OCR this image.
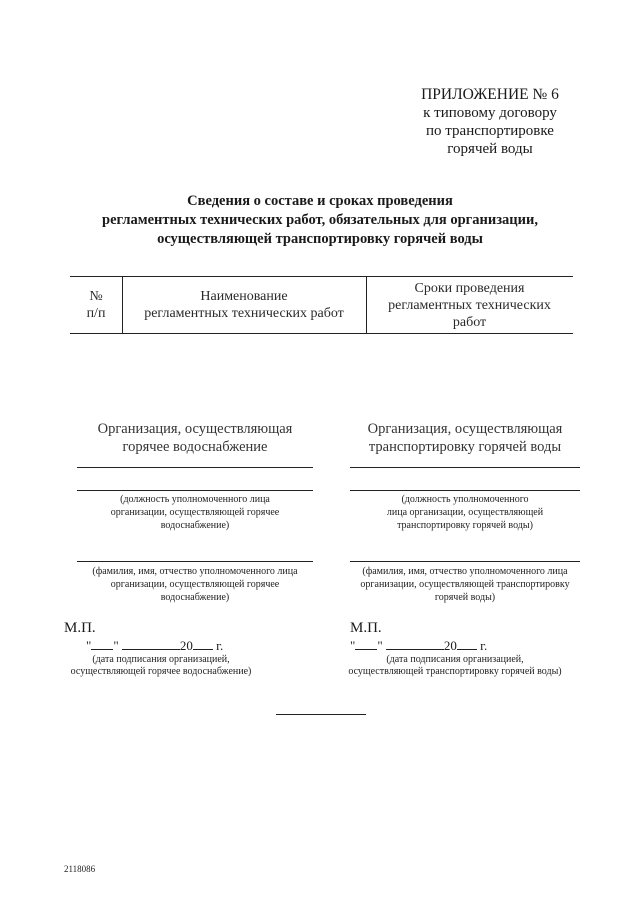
ПРИЛОЖЕНИЕ № 6
к типовому договору
по транспортировке
горячей воды
Сведения о составе и сроках проведения
регламентных технических работ, обязательных для организации,
осуществляющей транспортировку горячей воды
№
п/п
Наименование
регламентных технических работ
Сроки проведения
регламентных технических
работ
Организация, осуществляющая
горячее водоснабжение
(должность уполномоченного лица
организации, осуществляющей горячее
водоснабжение)
(фамилия, имя, отчество уполномоченного лица
организации, осуществляющей горячее
водоснабжение)
М.П.
" "	20 г.
(дата подписания организацией,
осуществляющей горячее водоснабжение)
Организация, осуществляющая
транспортировку горячей воды
(должность уполномоченного
лица организации, осуществляющей
транспортировку горячей воды)
(фамилия, имя, отчество уполномоченного лица
организации, осуществляющей транспортировку
горячей воды)
М.П.
" "	20 г.
(дата подписания организацией,
осуществляющей транспортировку горячей воды)
2118086
